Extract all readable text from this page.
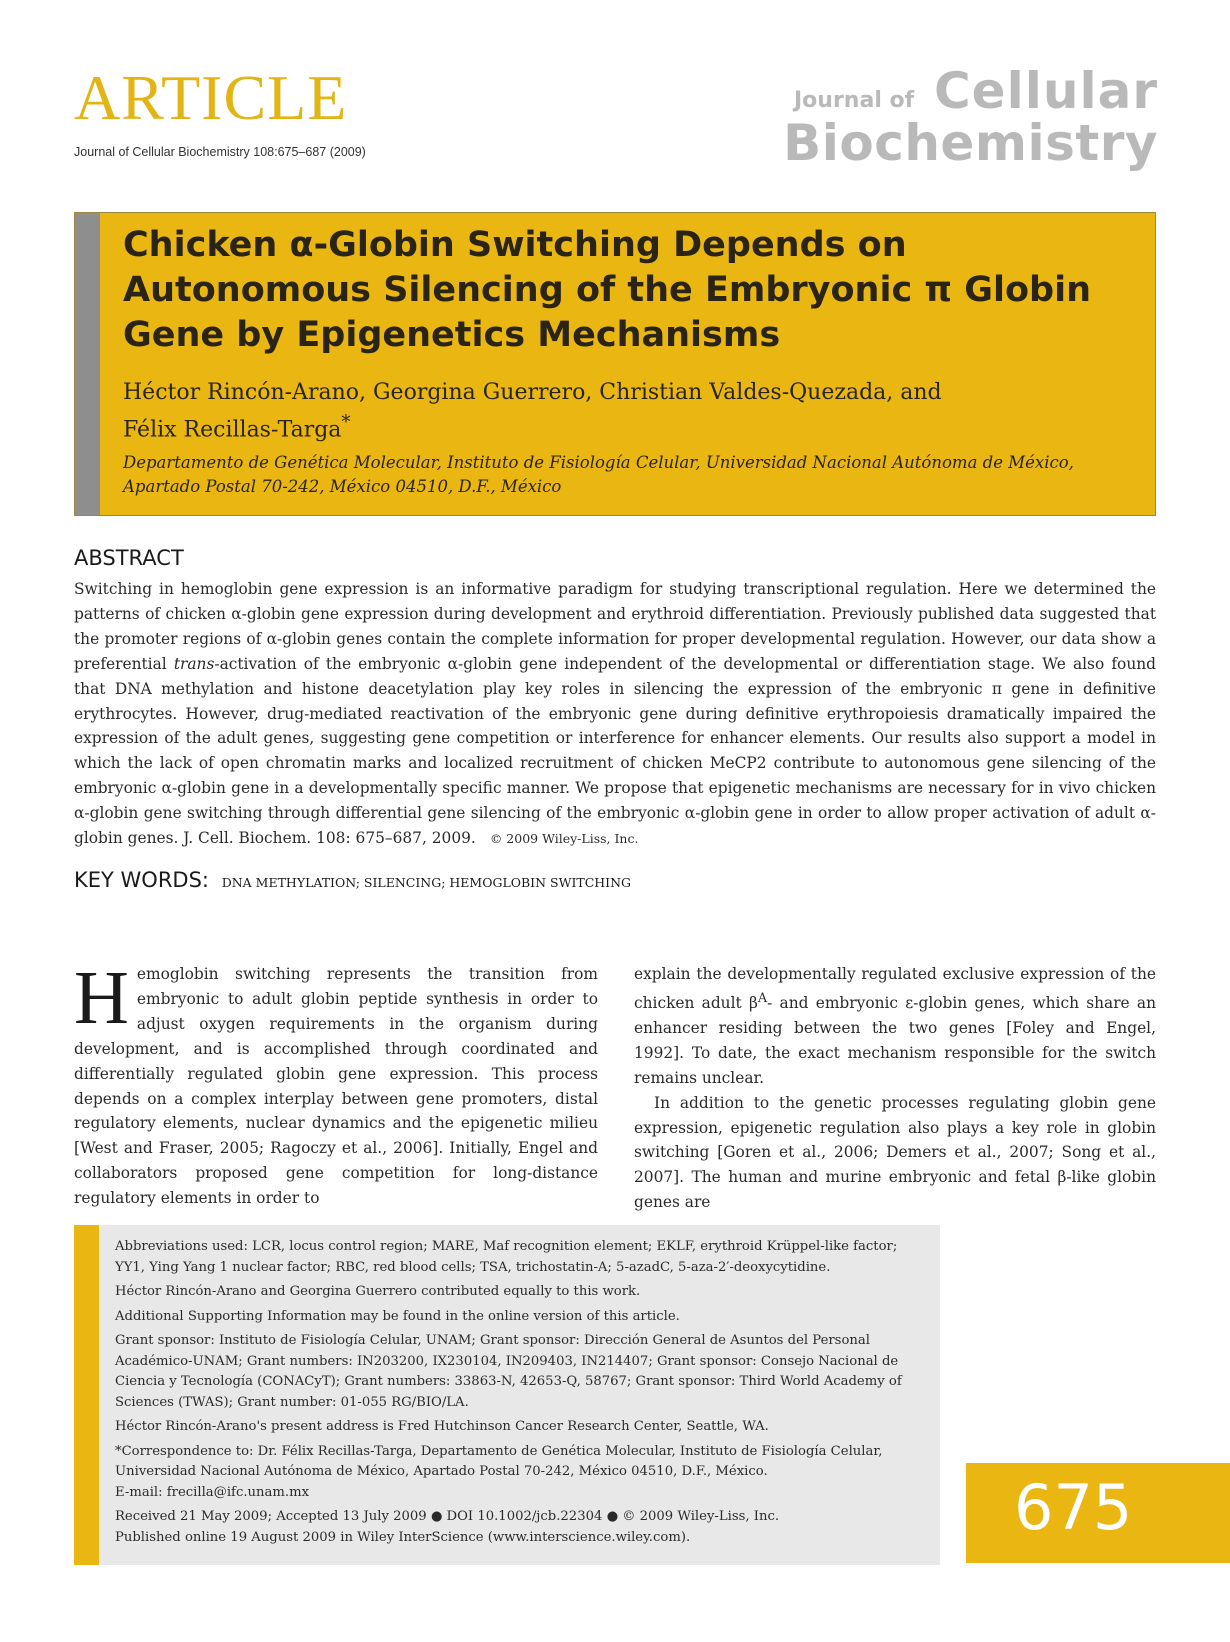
ARTICLE
Journal of Cellular Biochemistry 108:675–687 (2009)
Journal of Cellular
Biochemistry
Chicken α-Globin Switching Depends on Autonomous Silencing of the Embryonic π Globin Gene by Epigenetics Mechanisms
Héctor Rincón-Arano, Georgina Guerrero, Christian Valdes-Quezada, and
Félix Recillas-Targa*
Departamento de Genética Molecular, Instituto de Fisiología Celular, Universidad Nacional Autónoma de México, Apartado Postal 70-242, México 04510, D.F., México
ABSTRACT

Switching in hemoglobin gene expression is an informative paradigm for studying transcriptional regulation. Here we determined the patterns of chicken α-globin gene expression during development and erythroid differentiation. Previously published data suggested that the promoter regions of α-globin genes contain the complete information for proper developmental regulation. However, our data show a preferential trans-activation of the embryonic α-globin gene independent of the developmental or differentiation stage. We also found that DNA methylation and histone deacetylation play key roles in silencing the expression of the embryonic π gene in definitive erythrocytes. However, drug-mediated reactivation of the embryonic gene during definitive erythropoiesis dramatically impaired the expression of the adult genes, suggesting gene competition or interference for enhancer elements. Our results also support a model in which the lack of open chromatin marks and localized recruitment of chicken MeCP2 contribute to autonomous gene silencing of the embryonic α-globin gene in a developmentally specific manner. We propose that epigenetic mechanisms are necessary for in vivo chicken α-globin gene switching through differential gene silencing of the embryonic α-globin gene in order to allow proper activation of adult α-globin genes. J. Cell. Biochem. 108: 675–687, 2009. © 2009 Wiley-Liss, Inc.

KEY WORDS: DNA METHYLATION; SILENCING; HEMOGLOBIN SWITCHING
Hemoglobin switching represents the transition from embryonic to adult globin peptide synthesis in order to adjust oxygen requirements in the organism during development, and is accomplished through coordinated and differentially regulated globin gene expression. This process depends on a complex interplay between gene promoters, distal regulatory elements, nuclear dynamics and the epigenetic milieu [West and Fraser, 2005; Ragoczy et al., 2006]. Initially, Engel and collaborators proposed gene competition for long-distance regulatory elements in order to

explain the developmentally regulated exclusive expression of the chicken adult $\beta^A-$ and embryonic ε-globin genes, which share an enhancer residing between the two genes [Foley and Engel, 1992]. To date, the exact mechanism responsible for the switch remains unclear.

In addition to the genetic processes regulating globin gene expression, epigenetic regulation also plays a key role in globin switching [Goren et al., 2006; Demers et al., 2007; Song et al., 2007]. The human and murine embryonic and fetal β-like globin genes are

Abbreviations used: LCR, locus control region; MARE, Maf recognition element; EKLF, erythroid Krüppel-like factor; YY1, Ying Yang 1 nuclear factor; RBC, red blood cells; TSA, trichostatin-A; 5-azadC, 5-aza-2′-deoxycytidine.

Héctor Rincón-Arano and Georgina Guerrero contributed equally to this work.

Additional Supporting Information may be found in the online version of this article.

Grant sponsor: Instituto de Fisiología Celular, UNAM; Grant sponsor: Dirección General de Asuntos del Personal Académico-UNAM; Grant numbers: IN203200, IX230104, IN209403, IN214407; Grant sponsor: Consejo Nacional de Ciencia y Tecnología (CONACyT); Grant numbers: 33863-N, 42653-Q, 58767; Grant sponsor: Third World Academy of Sciences (TWAS); Grant number: 01-055 RG/BIO/LA.

Héctor Rincón-Arano's present address is Fred Hutchinson Cancer Research Center, Seattle, WA.

*Correspondence to: Dr. Félix Recillas-Targa, Departamento de Genética Molecular, Instituto de Fisiología Celular, Universidad Nacional Autónoma de México, Apartado Postal 70-242, México 04510, D.F., México.

E-mail: frecilla@ifc.unam.mx

Received 21 May 2009; Accepted 13 July 2009 ● DOI 10.1002/jcb.22304 ● © 2009 Wiley-Liss, Inc.

Published online 19 August 2009 in Wiley InterScience (www.interscience.wiley.com).	675
